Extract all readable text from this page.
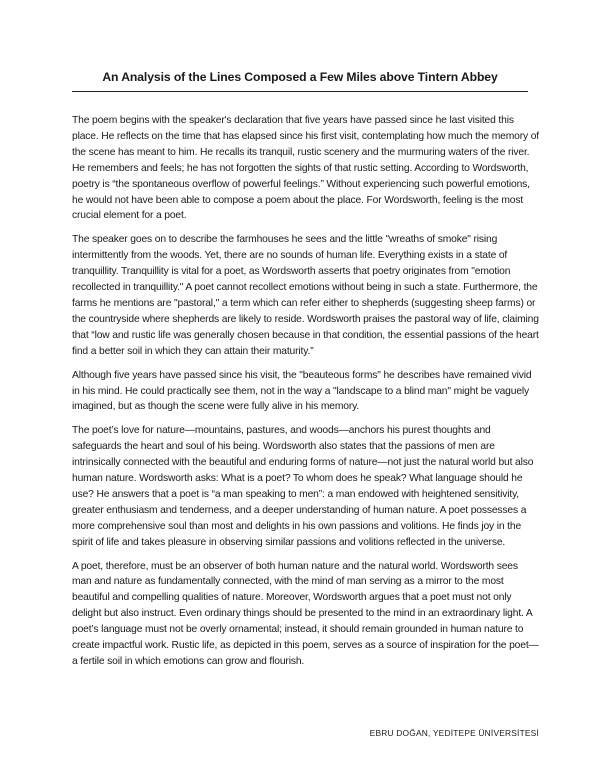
An Analysis of the Lines Composed a Few Miles above Tintern Abbey

The poem begins with the speaker's declaration that five years have passed since he last visited this place. He reflects on the time that has elapsed since his first visit, contemplating how much the memory of the scene has meant to him. He recalls its tranquil, rustic scenery and the murmuring waters of the river. He remembers and feels; he has not forgotten the sights of that rustic setting. According to Wordsworth, poetry is “the spontaneous overflow of powerful feelings.” Without experiencing such powerful emotions, he would not have been able to compose a poem about the place. For Wordsworth, feeling is the most crucial element for a poet.

The speaker goes on to describe the farmhouses he sees and the little "wreaths of smoke" rising intermittently from the woods. Yet, there are no sounds of human life. Everything exists in a state of tranquillity. Tranquillity is vital for a poet, as Wordsworth asserts that poetry originates from "emotion recollected in tranquillity." A poet cannot recollect emotions without being in such a state. Furthermore, the farms he mentions are "pastoral," a term which can refer either to shepherds (suggesting sheep farms) or the countryside where shepherds are likely to reside. Wordsworth praises the pastoral way of life, claiming that “low and rustic life was generally chosen because in that condition, the essential passions of the heart find a better soil in which they can attain their maturity.”

Although five years have passed since his visit, the "beauteous forms" he describes have remained vivid in his mind. He could practically see them, not in the way a "landscape to a blind man" might be vaguely imagined, but as though the scene were fully alive in his memory.

The poet’s love for nature—mountains, pastures, and woods—anchors his purest thoughts and safeguards the heart and soul of his being. Wordsworth also states that the passions of men are intrinsically connected with the beautiful and enduring forms of nature—not just the natural world but also human nature. Wordsworth asks: What is a poet? To whom does he speak? What language should he use? He answers that a poet is “a man speaking to men”: a man endowed with heightened sensitivity, greater enthusiasm and tenderness, and a deeper understanding of human nature. A poet possesses a more comprehensive soul than most and delights in his own passions and volitions. He finds joy in the spirit of life and takes pleasure in observing similar passions and volitions reflected in the universe.

A poet, therefore, must be an observer of both human nature and the natural world. Wordsworth sees man and nature as fundamentally connected, with the mind of man serving as a mirror to the most beautiful and compelling qualities of nature. Moreover, Wordsworth argues that a poet must not only delight but also instruct. Even ordinary things should be presented to the mind in an extraordinary light. A poet’s language must not be overly ornamental; instead, it should remain grounded in human nature to create impactful work. Rustic life, as depicted in this poem, serves as a source of inspiration for the poet—a fertile soil in which emotions can grow and flourish.

EBRU DOĞAN, YEDİTEPE ÜNİVERSİTESİ
